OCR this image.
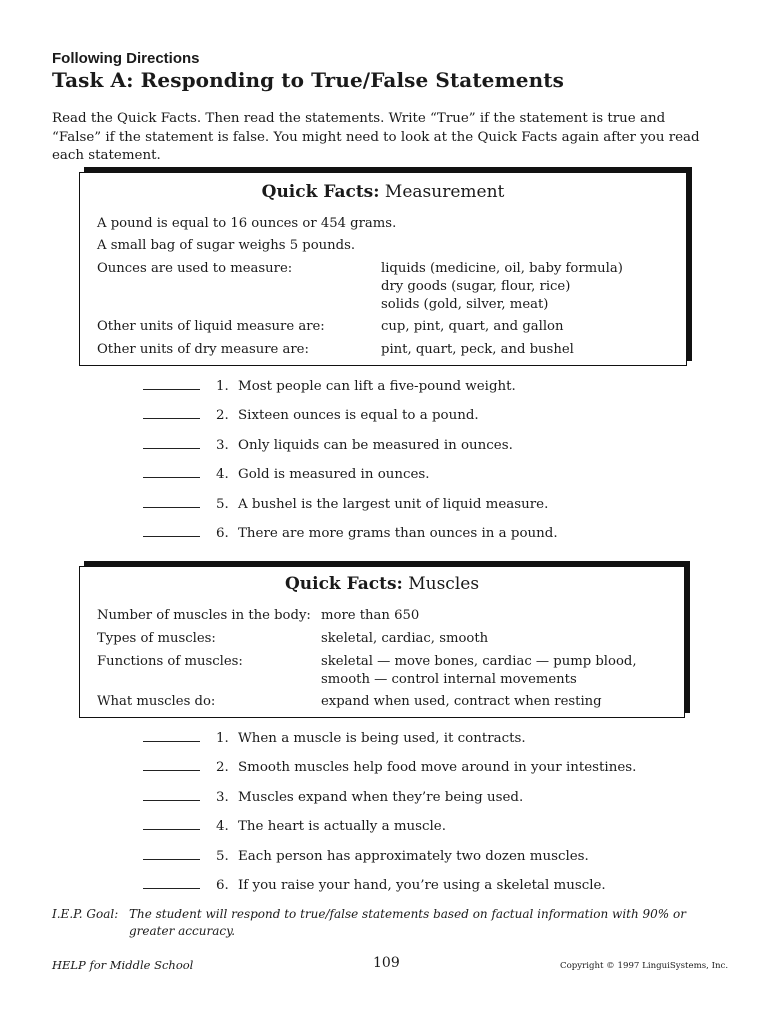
Following Directions
Task A: Responding to True/False Statements
Read the Quick Facts. Then read the statements. Write “True” if the statement is true and “False” if the statement is false. You might need to look at the Quick Facts again after you read each statement.
Quick Facts: Measurement
A pound is equal to 16 ounces or 454 grams.
A small bag of sugar weighs 5 pounds.
Ounces are used to measure:	liquids (medicine, oil, baby formula)
dry goods (sugar, flour, rice)
solids (gold, silver, meat)
Other units of liquid measure are:	cup, pint, quart, and gallon
Other units of dry measure are:	pint, quart, peck, and bushel
1. Most people can lift a five-pound weight.
2. Sixteen ounces is equal to a pound.
3. Only liquids can be measured in ounces.
4. Gold is measured in ounces.
5. A bushel is the largest unit of liquid measure.
6. There are more grams than ounces in a pound.
Quick Facts: Muscles
Number of muscles in the body: more than 650
Types of muscles:	skeletal, cardiac, smooth
Functions of muscles:	skeletal — move bones, cardiac — pump blood,
smooth — control internal movements
What muscles do:	expand when used, contract when resting
1. When a muscle is being used, it contracts.
2. Smooth muscles help food move around in your intestines.
3. Muscles expand when they’re being used.
4. The heart is actually a muscle.
5. Each person has approximately two dozen muscles.
6. If you raise your hand, you’re using a skeletal muscle.
I.E.P. Goal: The student will respond to true/false statements based on factual information with 90% or greater accuracy.
HELP for Middle School	109	Copyright © 1997 LinguiSystems, Inc.
